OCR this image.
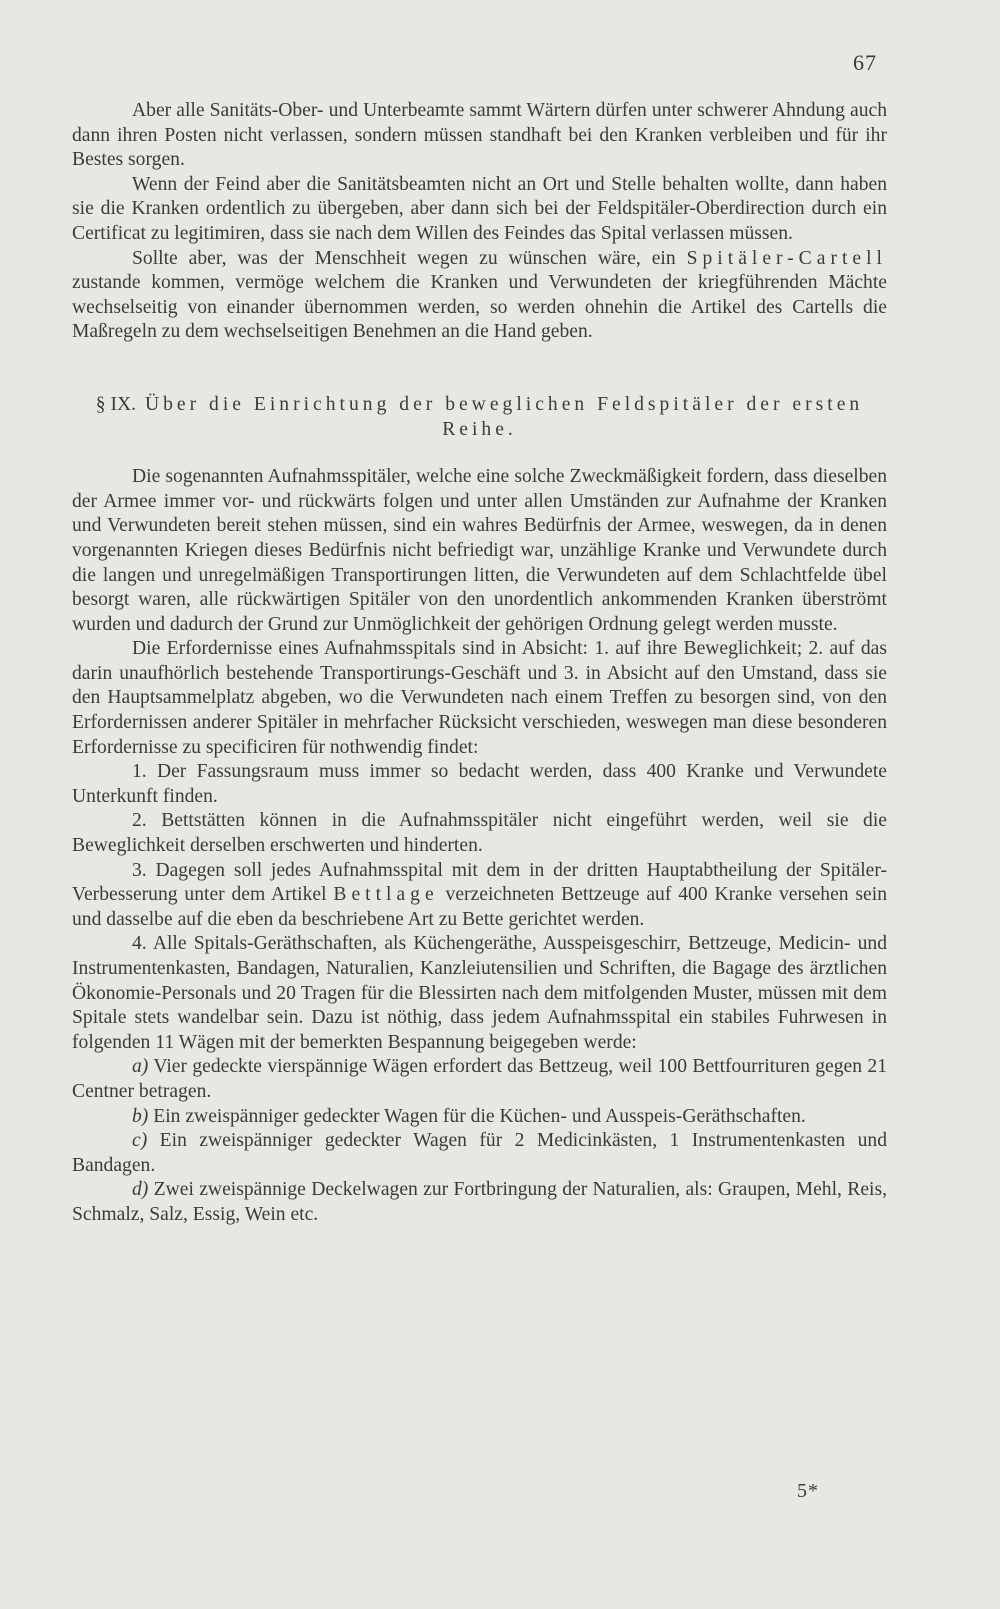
67

Aber alle Sanitäts-Ober- und Unterbeamte sammt Wärtern dürfen unter schwerer Ahndung auch dann ihren Posten nicht verlassen, sondern müssen standhaft bei den Kranken verbleiben und für ihr Bestes sorgen.

Wenn der Feind aber die Sanitätsbeamten nicht an Ort und Stelle behalten wollte, dann haben sie die Kranken ordentlich zu übergeben, aber dann sich bei der Feldspitäler-Oberdirection durch ein Certificat zu legitimiren, dass sie nach dem Willen des Feindes das Spital verlassen müssen.

Sollte aber, was der Menschheit wegen zu wünschen wäre, ein Spitäler-Cartell zustande kommen, vermöge welchem die Kranken und Verwundeten der kriegführenden Mächte wechselseitig von einander übernommen werden, so werden ohnehin die Artikel des Cartells die Maßregeln zu dem wechselseitigen Benehmen an die Hand geben.

§ IX. Über die Einrichtung der beweglichen Feldspitäler der ersten Reihe.

Die sogenannten Aufnahmsspitäler, welche eine solche Zweckmäßigkeit fordern, dass dieselben der Armee immer vor- und rückwärts folgen und unter allen Umständen zur Aufnahme der Kranken und Verwundeten bereit stehen müssen, sind ein wahres Bedürfnis der Armee, weswegen, da in denen vorgenannten Kriegen dieses Bedürfnis nicht befriedigt war, unzählige Kranke und Verwundete durch die langen und unregelmäßigen Transportirungen litten, die Verwundeten auf dem Schlachtfelde übel besorgt waren, alle rückwärtigen Spitäler von den unordentlich ankommenden Kranken überströmt wurden und dadurch der Grund zur Unmöglichkeit der gehörigen Ordnung gelegt werden musste.

Die Erfordernisse eines Aufnahmsspitals sind in Absicht: 1. auf ihre Beweglichkeit; 2. auf das darin unaufhörlich bestehende Transportirungs-Geschäft und 3. in Absicht auf den Umstand, dass sie den Hauptsammelplatz abgeben, wo die Verwundeten nach einem Treffen zu besorgen sind, von den Erfordernissen anderer Spitäler in mehrfacher Rücksicht verschieden, weswegen man diese besonderen Erfordernisse zu specificiren für nothwendig findet:

1. Der Fassungsraum muss immer so bedacht werden, dass 400 Kranke und Verwundete Unterkunft finden.

2. Bettstätten können in die Aufnahmsspitäler nicht eingeführt werden, weil sie die Beweglichkeit derselben erschwerten und hinderten.

3. Dagegen soll jedes Aufnahmsspital mit dem in der dritten Hauptabtheilung der Spitäler-Verbesserung unter dem Artikel Bettlage verzeichneten Bettzeuge auf 400 Kranke versehen sein und dasselbe auf die eben da beschriebene Art zu Bette gerichtet werden.

4. Alle Spitals-Geräthschaften, als Küchengeräthe, Ausspeisgeschirr, Bettzeuge, Medicin- und Instrumentenkasten, Bandagen, Naturalien, Kanzleiutensilien und Schriften, die Bagage des ärztlichen Ökonomie-Personals und 20 Tragen für die Blessirten nach dem mitfolgenden Muster, müssen mit dem Spitale stets wandelbar sein. Dazu ist nöthig, dass jedem Aufnahmsspital ein stabiles Fuhrwesen in folgenden 11 Wägen mit der bemerkten Bespannung beigegeben werde:

a) Vier gedeckte vierspännige Wägen erfordert das Bettzeug, weil 100 Bettfourrituren gegen 21 Centner betragen.

b) Ein zweispänniger gedeckter Wagen für die Küchen- und Ausspeis-Geräthschaften.

c) Ein zweispänniger gedeckter Wagen für 2 Medicinkästen, 1 Instrumentenkasten und Bandagen.

d) Zwei zweispännige Deckelwagen zur Fortbringung der Naturalien, als: Graupen, Mehl, Reis, Schmalz, Salz, Essig, Wein etc.

5*
